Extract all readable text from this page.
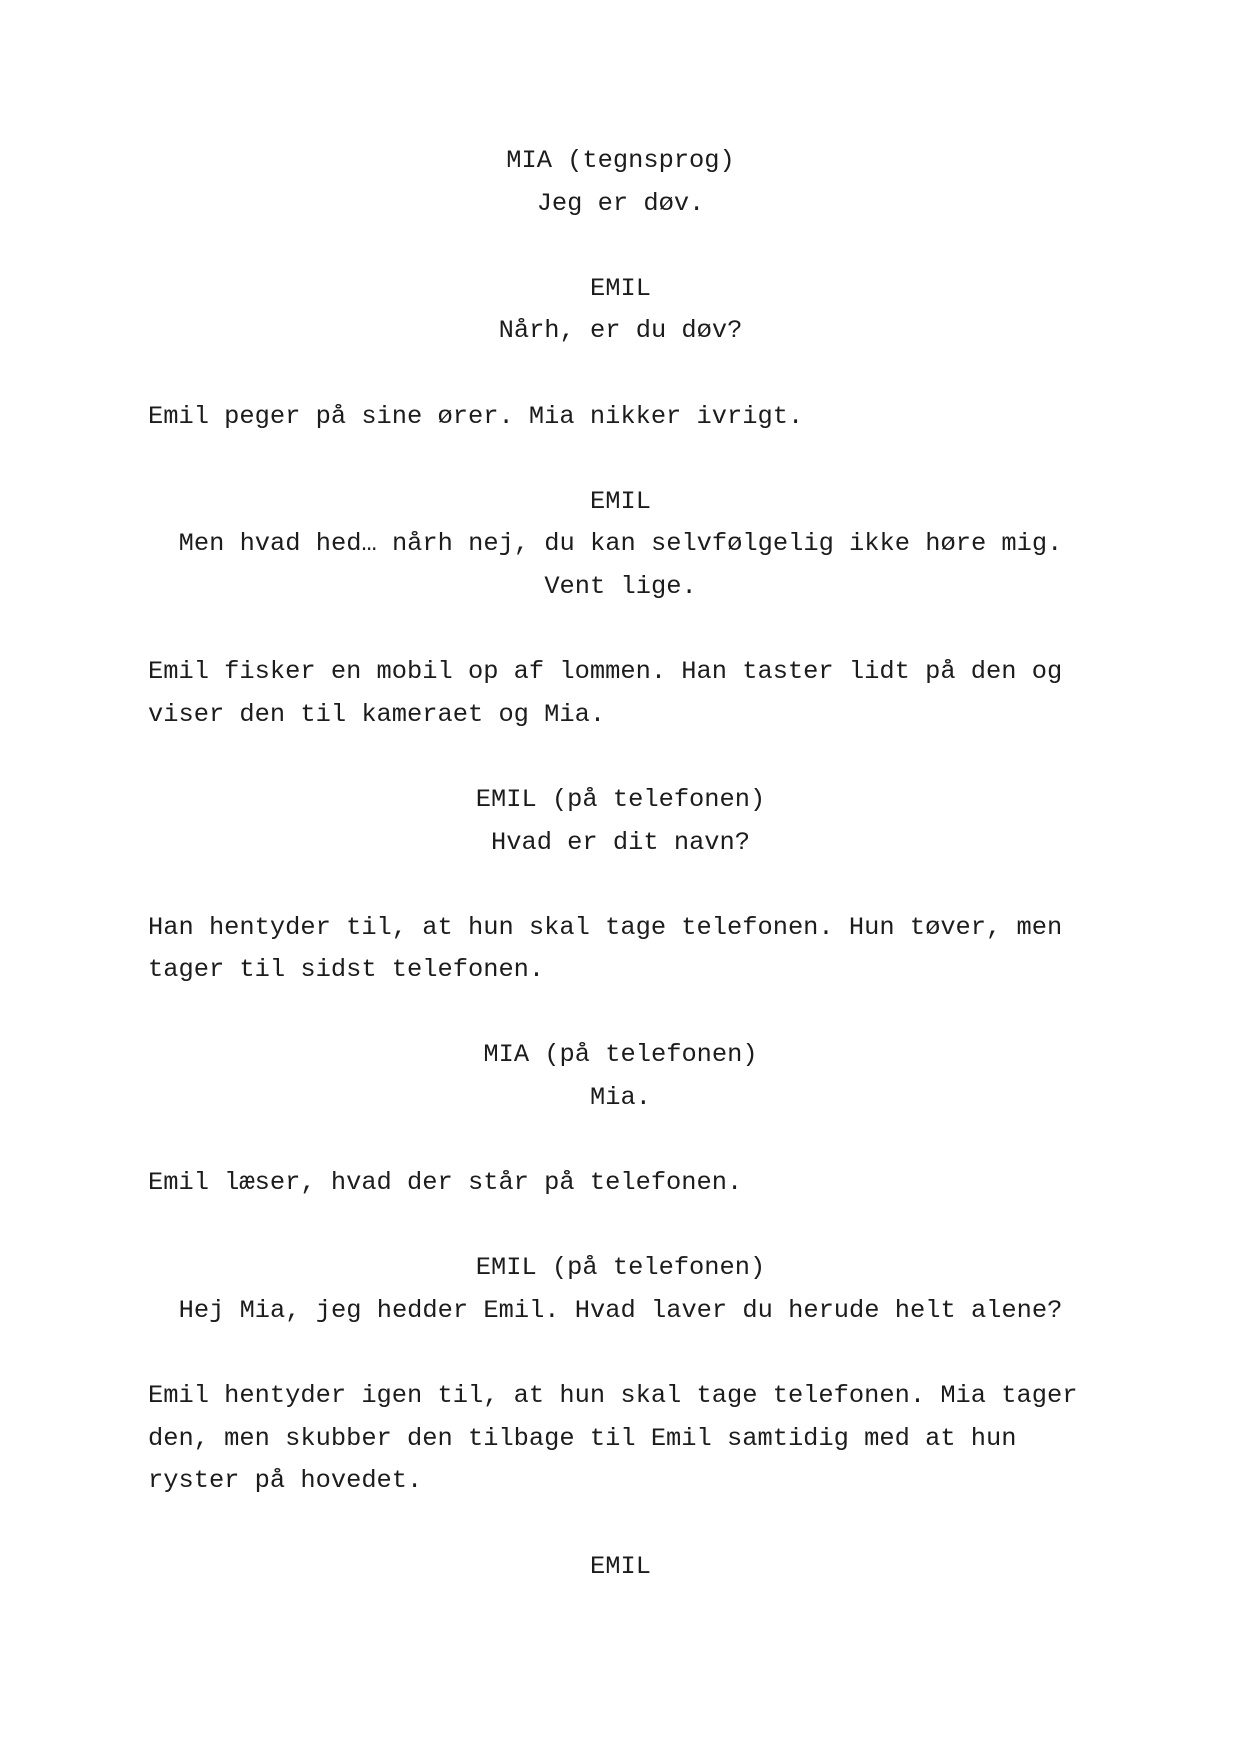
MIA (tegnsprog)
Jeg er døv.
EMIL
Nårh, er du døv?
Emil peger på sine ører. Mia nikker ivrigt.
EMIL
Men hvad hed… nårh nej, du kan selvfølgelig ikke høre mig.
Vent lige.
Emil fisker en mobil op af lommen. Han taster lidt på den og
viser den til kameraet og Mia.
EMIL (på telefonen)
Hvad er dit navn?
Han hentyder til, at hun skal tage telefonen. Hun tøver, men
tager til sidst telefonen.
MIA (på telefonen)
Mia.
Emil læser, hvad der står på telefonen.
EMIL (på telefonen)
Hej Mia, jeg hedder Emil. Hvad laver du herude helt alene?
Emil hentyder igen til, at hun skal tage telefonen. Mia tager
den, men skubber den tilbage til Emil samtidig med at hun
ryster på hovedet.
EMIL
